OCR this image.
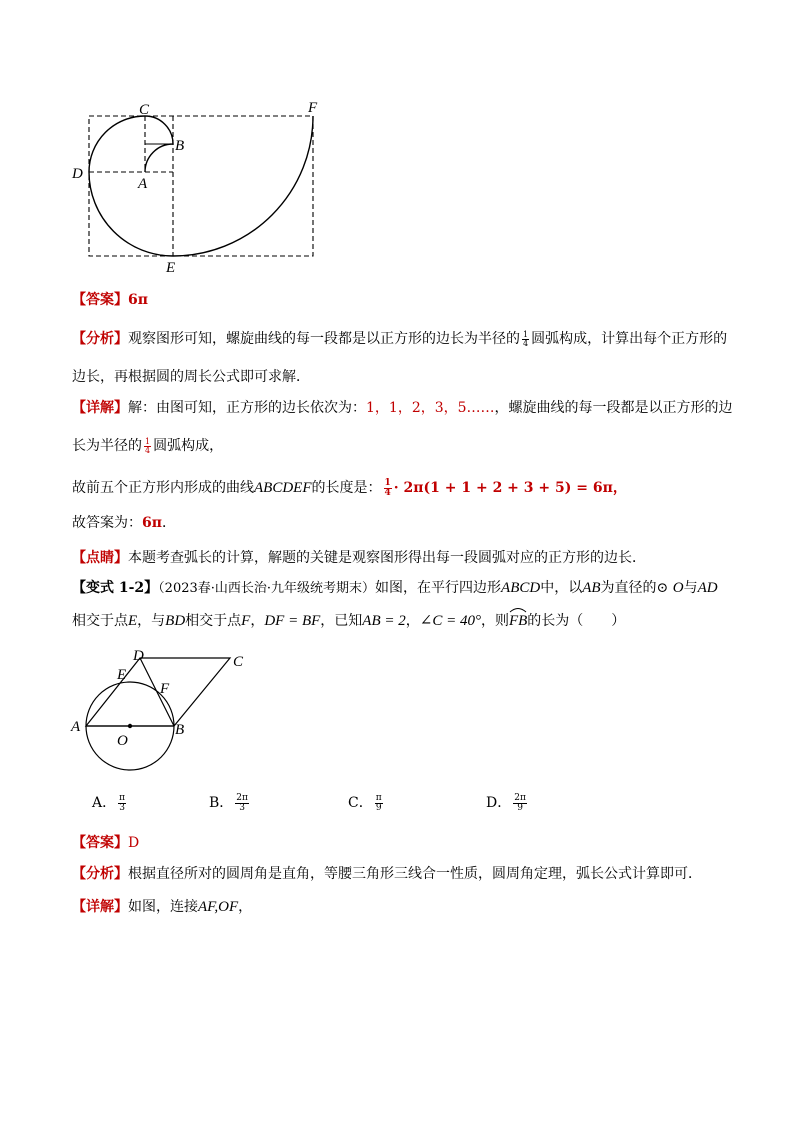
C
B
D
A
E
F
【答案】6π
【分析】观察图形可知，螺旋曲线的每一段都是以正方形的边长为半径的 $\frac{1}{4}$ 圆弧构成，计算出每个正方形的
边长，再根据圆的周长公式即可求解．
【详解】解：由图可知，正方形的边长依次为：1，1，2，3，5……，螺旋曲线的每一段都是以正方形的边
长为半径的 $\frac{1}{4}$ 圆弧构成，
故前五个正方形内形成的曲线ABCDEF的长度是： $\frac{1}{4} \cdot 2\pi(1 + 1 + 2 + 3 + 5) = 6\pi$，
故答案为：6π．
【点睛】本题考查弧长的计算，解题的关键是观察图形得出每一段圆弧对应的正方形的边长．
【变式 1-2】（2023春·山西长治·九年级统考期末）如图，在平行四边形ABCD中，以AB为直径的⊙ O与AD
相交于点E，与BD相交于点F，DF = BF，已知AB = 2，∠C = 40°，则
FB的长为（　　）
D	C
E
F
A	B
O
A． $\frac{\pi}{3}$	B． $\frac{2\pi}{3}$	C． $\frac{\pi}{9}$	D． $\frac{2\pi}{9}$
【答案】D
【分析】根据直径所对的圆周角是直角，等腰三角形三线合一性质，圆周角定理，弧长公式计算即可．
【详解】如图，连接AF,OF，
